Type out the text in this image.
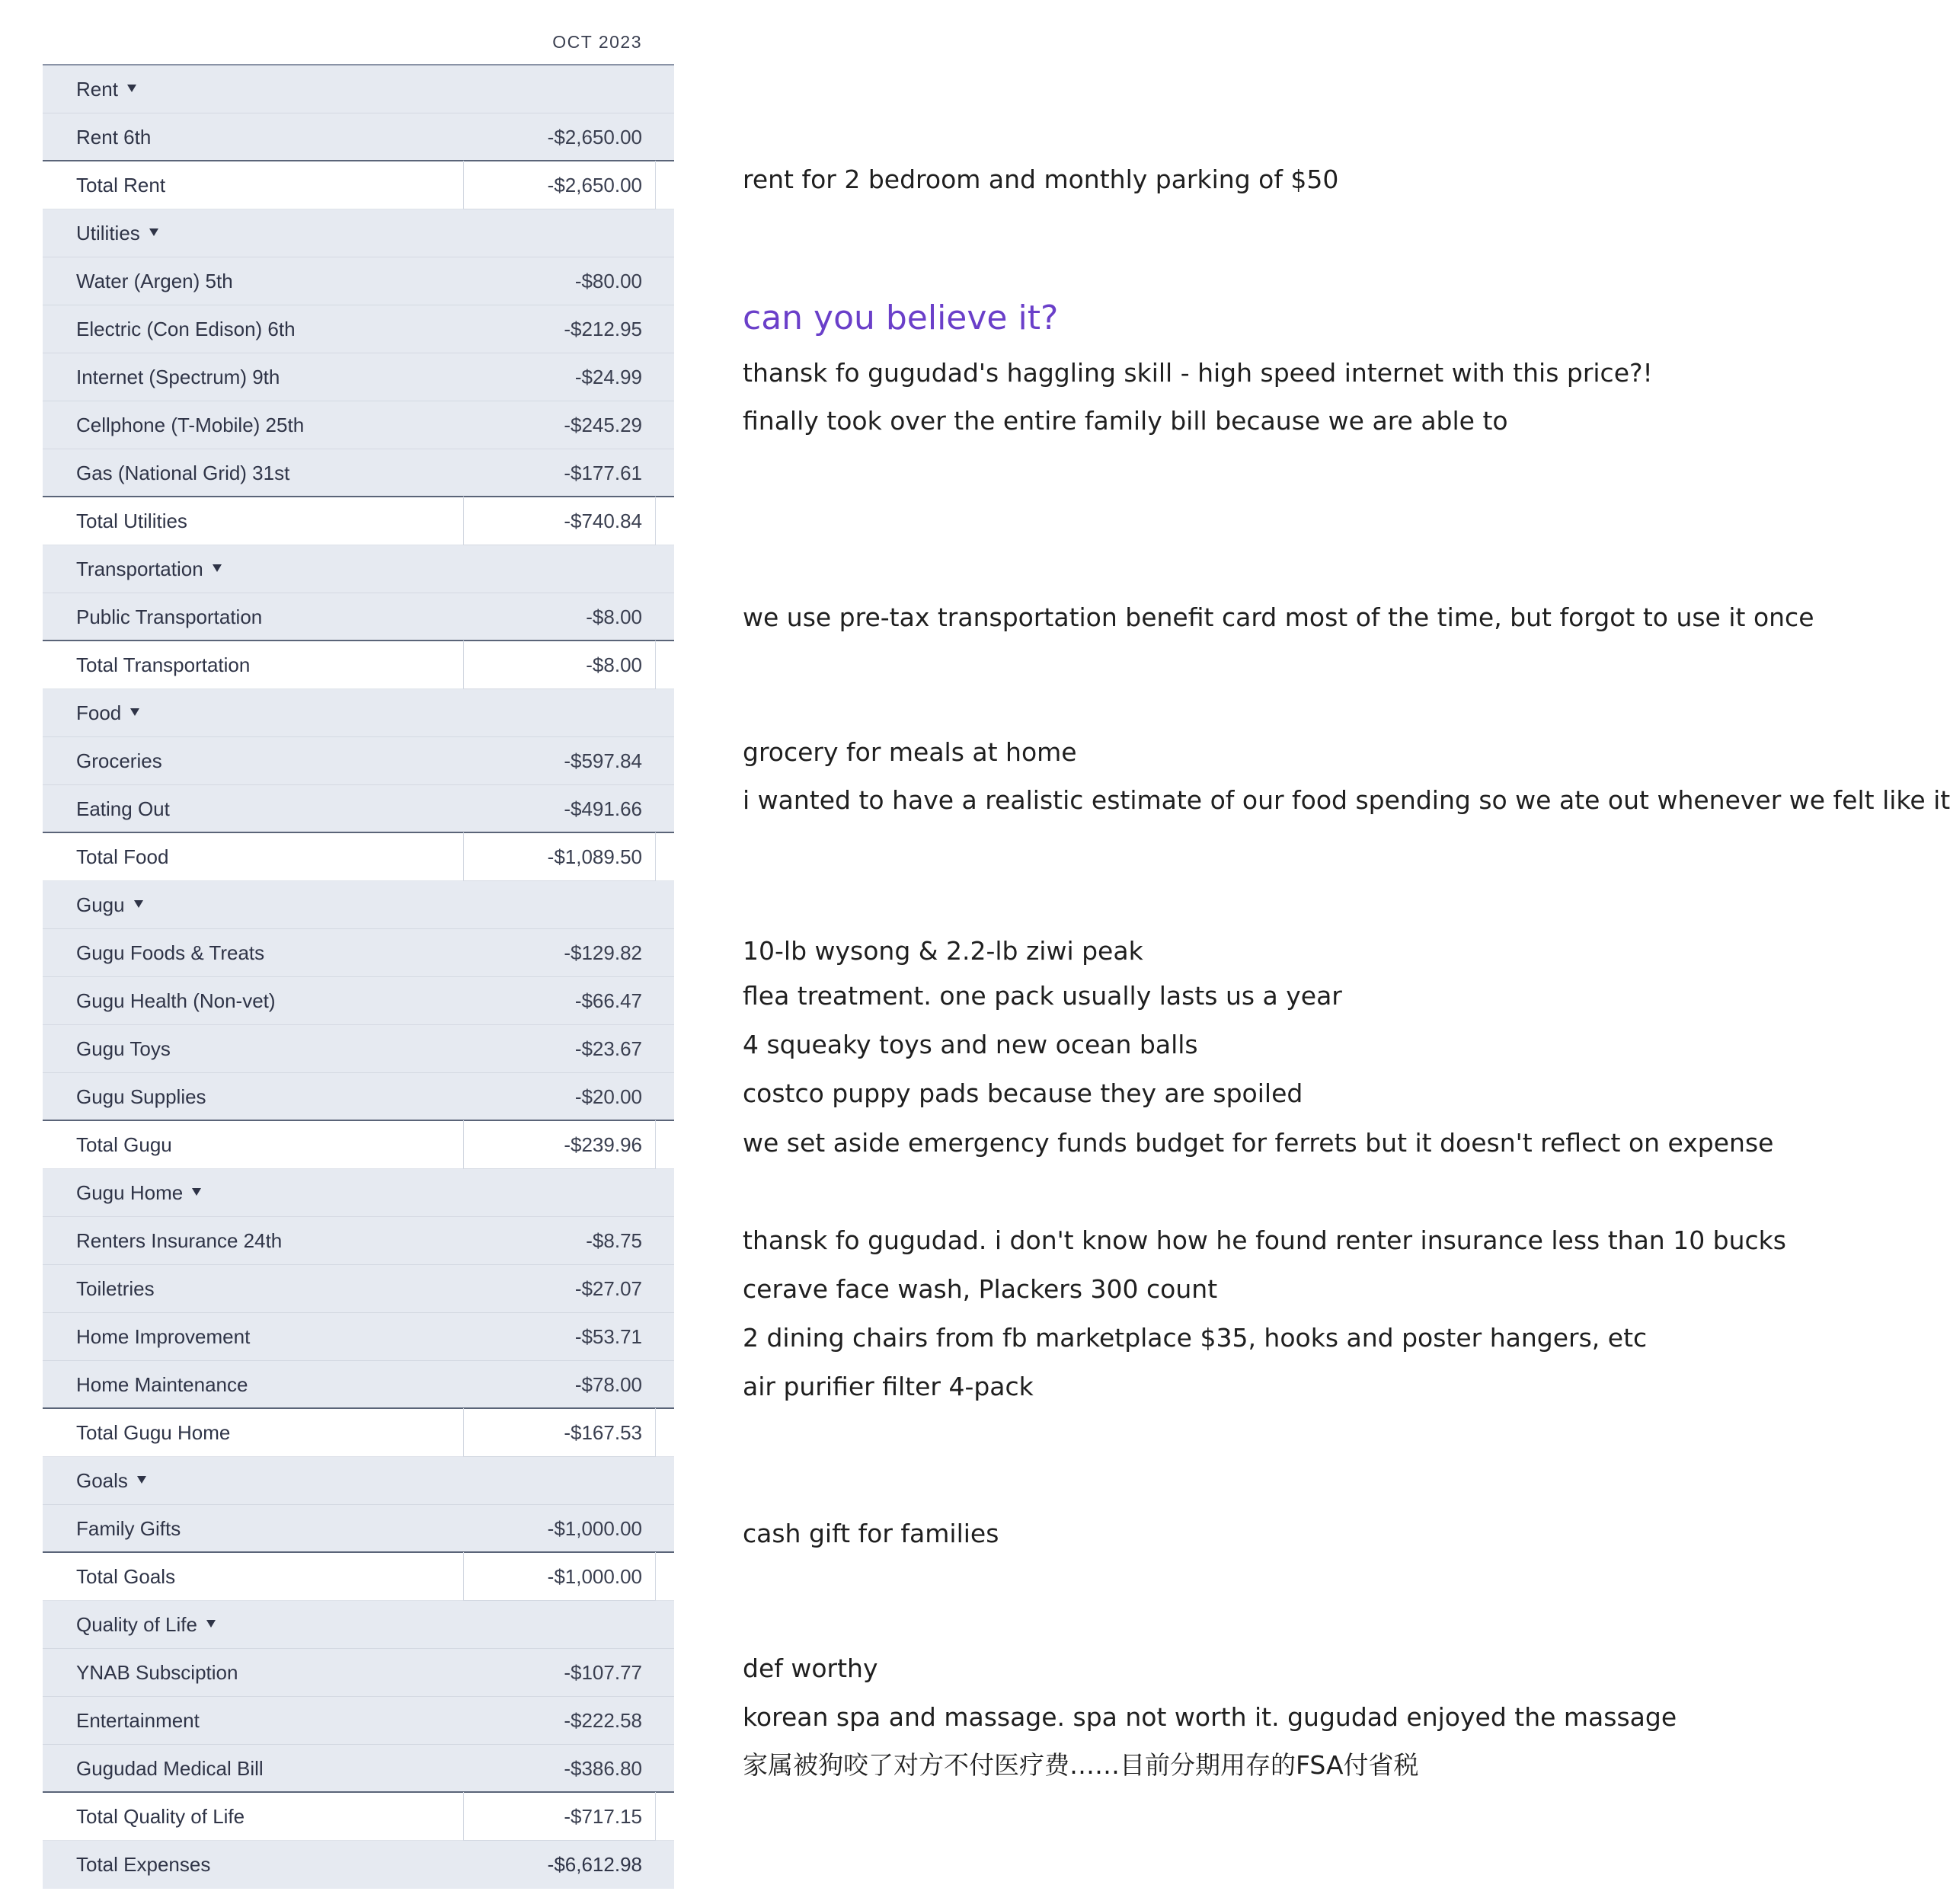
OCT 2023
Rent
Rent 6th	-$2,650.00
Total Rent	-$2,650.00
Utilities
Water (Argen) 5th	-$80.00
Electric (Con Edison) 6th	-$212.95
Internet (Spectrum) 9th	-$24.99
Cellphone (T-Mobile) 25th	-$245.29
Gas (National Grid) 31st	-$177.61
Total Utilities	-$740.84
Transportation
Public Transportation	-$8.00
Total Transportation	-$8.00
Food
Groceries	-$597.84
Eating Out	-$491.66
Total Food	-$1,089.50
Gugu
Gugu Foods & Treats	-$129.82
Gugu Health (Non-vet)	-$66.47
Gugu Toys	-$23.67
Gugu Supplies	-$20.00
Total Gugu	-$239.96
Gugu Home
Renters Insurance 24th	-$8.75
Toiletries	-$27.07
Home Improvement	-$53.71
Home Maintenance	-$78.00
Total Gugu Home	-$167.53
Goals
Family Gifts	-$1,000.00
Total Goals	-$1,000.00
Quality of Life
YNAB Subsciption	-$107.77
Entertainment	-$222.58
Gugudad Medical Bill	-$386.80
Total Quality of Life	-$717.15
Total Expenses	-$6,612.98
rent for 2 bedroom and monthly parking of $50
can you believe it?
thansk fo gugudad's haggling skill - high speed internet with this price?!
finally took over the entire family bill because we are able to
we use pre-tax transportation benefit card most of the time, but forgot to use it once
grocery for meals at home
i wanted to have a realistic estimate of our food spending so we ate out whenever we felt like it
10-lb wysong & 2.2-lb ziwi peak
flea treatment. one pack usually lasts us a year
4 squeaky toys and new ocean balls
costco puppy pads because they are spoiled
we set aside emergency funds budget for ferrets but it doesn't reflect on expense
thansk fo gugudad. i don't know how he found renter insurance less than 10 bucks
cerave face wash, Plackers 300 count
2 dining chairs from fb marketplace $35, hooks and poster hangers, etc
air purifier filter 4-pack
cash gift for families
def worthy
korean spa and massage. spa not worth it. gugudad enjoyed the massage
家属被狗咬了对方不付医疗费……目前分期用存的FSA付省税
